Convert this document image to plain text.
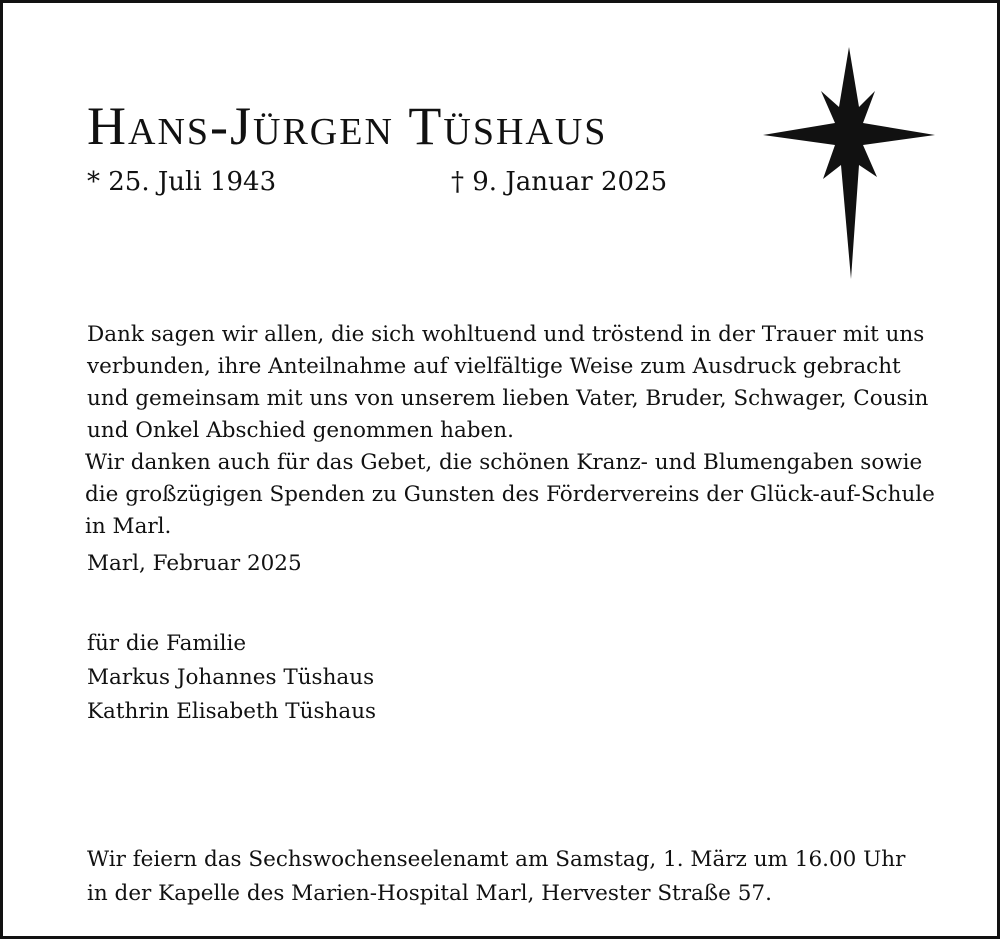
Hans-Jürgen Tüshaus
* 25. Juli 1943	† 9. Januar 2025
Dank sagen wir allen, die sich wohltuend und tröstend in der Trauer mit uns
verbunden, ihre Anteilnahme auf vielfältige Weise zum Ausdruck gebracht
und gemeinsam mit uns von unserem lieben Vater, Bruder, Schwager, Cousin
und Onkel Abschied genommen haben.
Wir danken auch für das Gebet, die schönen Kranz- und Blumengaben sowie
die großzügigen Spenden zu Gunsten des Fördervereins der Glück-auf-Schule
in Marl.
Marl, Februar 2025
für die Familie
Markus Johannes Tüshaus
Kathrin Elisabeth Tüshaus
Wir feiern das Sechswochenseelenamt am Samstag, 1. März um 16.00 Uhr
in der Kapelle des Marien-Hospital Marl, Hervester Straße 57.
